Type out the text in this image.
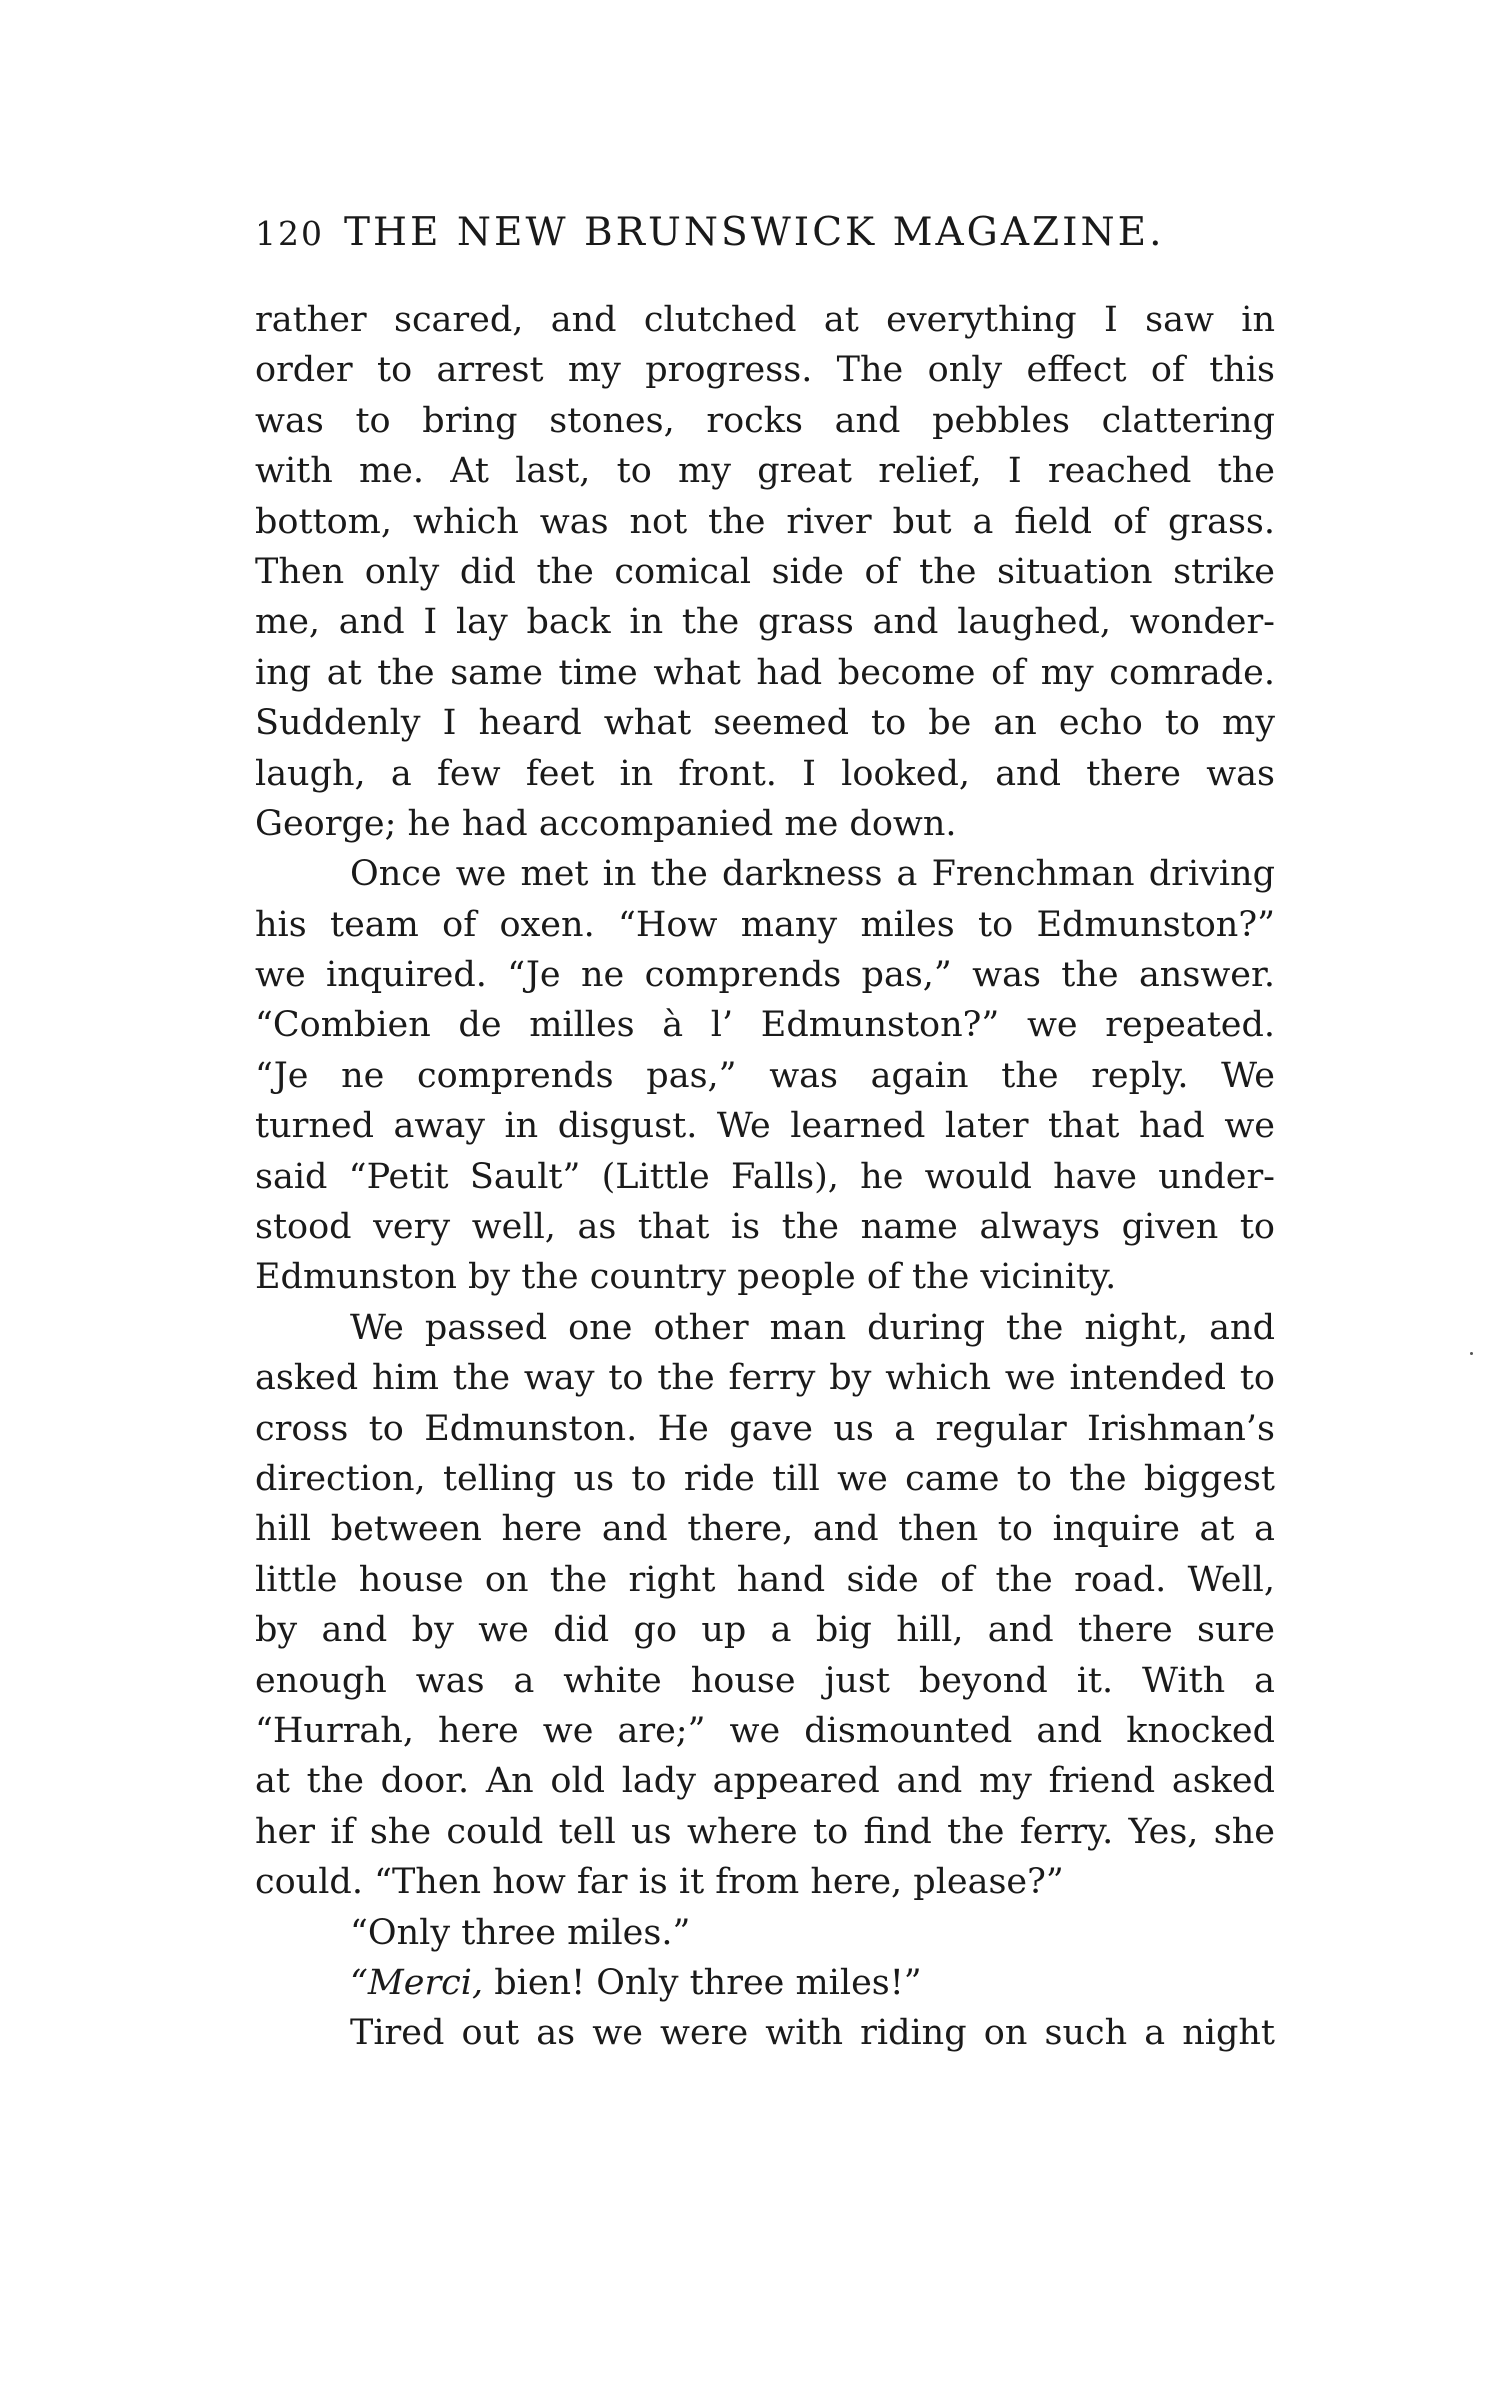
120 THE NEW BRUNSWICK MAGAZINE.
rather scared, and clutched at everything I saw in
order to arrest my progress. The only effect of this
was to bring stones, rocks and pebbles clattering
with me. At last, to my great relief, I reached the
bottom, which was not the river but a field of grass.
Then only did the comical side of the situation strike
me, and I lay back in the grass and laughed, wonder-
ing at the same time what had become of my comrade.
Suddenly I heard what seemed to be an echo to my
laugh, a few feet in front. I looked, and there was
George; he had accompanied me down.
Once we met in the darkness a Frenchman driving
his team of oxen. “How many miles to Edmunston?”
we inquired. “Je ne comprends pas,” was the answer.
“Combien de milles à l’ Edmunston?” we repeated.
“Je ne comprends pas,” was again the reply. We
turned away in disgust. We learned later that had we
said “Petit Sault” (Little Falls), he would have under-
stood very well, as that is the name always given to
Edmunston by the country people of the vicinity.
We passed one other man during the night, and
asked him the way to the ferry by which we intended to
cross to Edmunston. He gave us a regular Irishman’s
direction, telling us to ride till we came to the biggest
hill between here and there, and then to inquire at a
little house on the right hand side of the road. Well,
by and by we did go up a big hill, and there sure
enough was a white house just beyond it. With a
“Hurrah, here we are;” we dismounted and knocked
at the door. An old lady appeared and my friend asked
her if she could tell us where to find the ferry. Yes, she
could. “Then how far is it from here, please?”
“Only three miles.”
“Merci, bien! Only three miles!”
Tired out as we were with riding on such a night
